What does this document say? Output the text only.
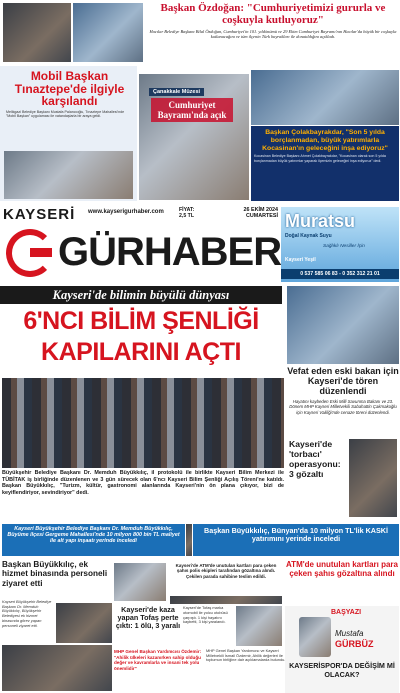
Başkan Özdoğan: "Cumhuriyetimizi gururla ve coşkuyla kutluyoruz"
Hacılar Belediye Başkanı Bilal Özdoğan, Cumhuriyet'in 101. yıldönümü ve 29 Ekim Cumhuriyet Bayramı'nın Hacılar'da büyük bir coşkuyla kutlanacağını ve tüm ilçenin Türk bayrakları ile donatıldığını açıkladı.
Mobil Başkan Tınaztepe'de ilgiyle karşılandı
Melikgazi Belediye Başkanı Mustafa Palancıoğlu, Tınaztepe Mahallesi'nde "Mobil Başkan" uygulaması ile vatandaşlarla bir araya geldi.
Çanakkale Müzesi
Cumhuriyet Bayramı'nda açık
Başkan Çolakbayrakdar, "Son 5 yılda borçlanmadan, büyük yatırımlarla Kocasinan'ın geleceğini inşa ediyoruz"
Kocasinan Belediye Başkanı Ahmet Çolakbayrakdar, "Kocasinan olarak son 5 yılda borçlanmadan büyük yatırımlar yaparak ilçemizin geleceğini inşa ediyoruz" dedi.
KAYSERİ www.kayserigurhaber.com	FİYAT:
2,5 TL
26 EKİM 2024
CUMARTESİ
GÜRHABER
Muratsu
Doğal Kaynak Suyu
Sağlıklı Nesiller İçin
Kayseri Yeşil
0 537 585 06 83 - 0 352 312 21 01
Kayseri'de bilimin büyülü dünyası
6'NCI BİLİM ŞENLİĞİ
KAPILARINI AÇTI
Büyükşehir Belediye Başkanı Dr. Memduh Büyükkılıç, il protokolü ile birlikte Kayseri Bilim Merkezi ile TÜBİTAK iş birliğinde düzenlenen ve 3 gün sürecek olan 6'ncı Kayseri Bilim Şenliği Açılış Töreni'ne katıldı. Başkan Büyükkılıç, "Turizm, kültür, gastronomi alanlarında Kayseri'nin ön plana çıkıyor, bizi de keyiflendiriyor, sevindiriyor" dedi.
Vefat eden eski bakan için Kayseri'de tören düzenlendi
Hayatını kaybeden Eski Milli Savunma Bakanı ve 23. Dönem MHP Kayseri Milletvekili Sabahattin Çakmakoğlu için Kayseri Valiliği'nde cenaze töreni düzenlendi.
Kayseri'de 'torbacı' operasyonu: 3 gözaltı
Kayseri Büyükşehir Belediye Başkanı Dr. Memduh Büyükkılıç, Büyüme ilçesi Gergeme Mahallesi'nde 10 milyon 800 bin TL maliyet ile alt yapı inşaatı yerinde inceledi
Başkan Büyükkılıç, Bünyan'da 10 milyon TL'lik KASKİ yatırımını yerinde inceledi
Başkan Büyükkılıç, ek hizmet binasında personeli ziyaret etti
Kayseri Büyükşehir Belediye Başkanı Dr. Memduh Büyükkılıç, Büyükşehir Belediyesi ek hizmet binasında görev yapan personeli ziyaret etti.
Kayseri'de ATM'de unutulan kartları para çeken şahıs polis ekipleri tarafından gözaltına alındı. Çekilen parada sahibine teslim edildi.
ATM'de unutulan kartları para çeken şahıs gözaltına alındı
Kayseri'de kaza yapan Tofaş perte çıktı: 1 ölü, 3 yaralı
Kayseri'de Tofaş marka otomobil ile yolcu otobüsü çarpıştı. 1 kişi hayatını kaybetti, 3 kişi yaralandı.
MHP Genel Başkan Yardımcısı Özdemir: "Ahilik ülkeleri kazanırken sahip olduğu değer ve kavramlarla ve insani tek yolu önemlidir"
MHP Genel Başkan Yardımcısı ve Kayseri Milletvekili İsmail Özdemir, Ahilik değerleri ile toplumun birliğine dair açıklamalarda bulundu.
BAŞYAZI
Mustafa
GÜRBÜZ
KAYSERİSPOR'DA DEĞİŞİM Mİ OLACAK?
